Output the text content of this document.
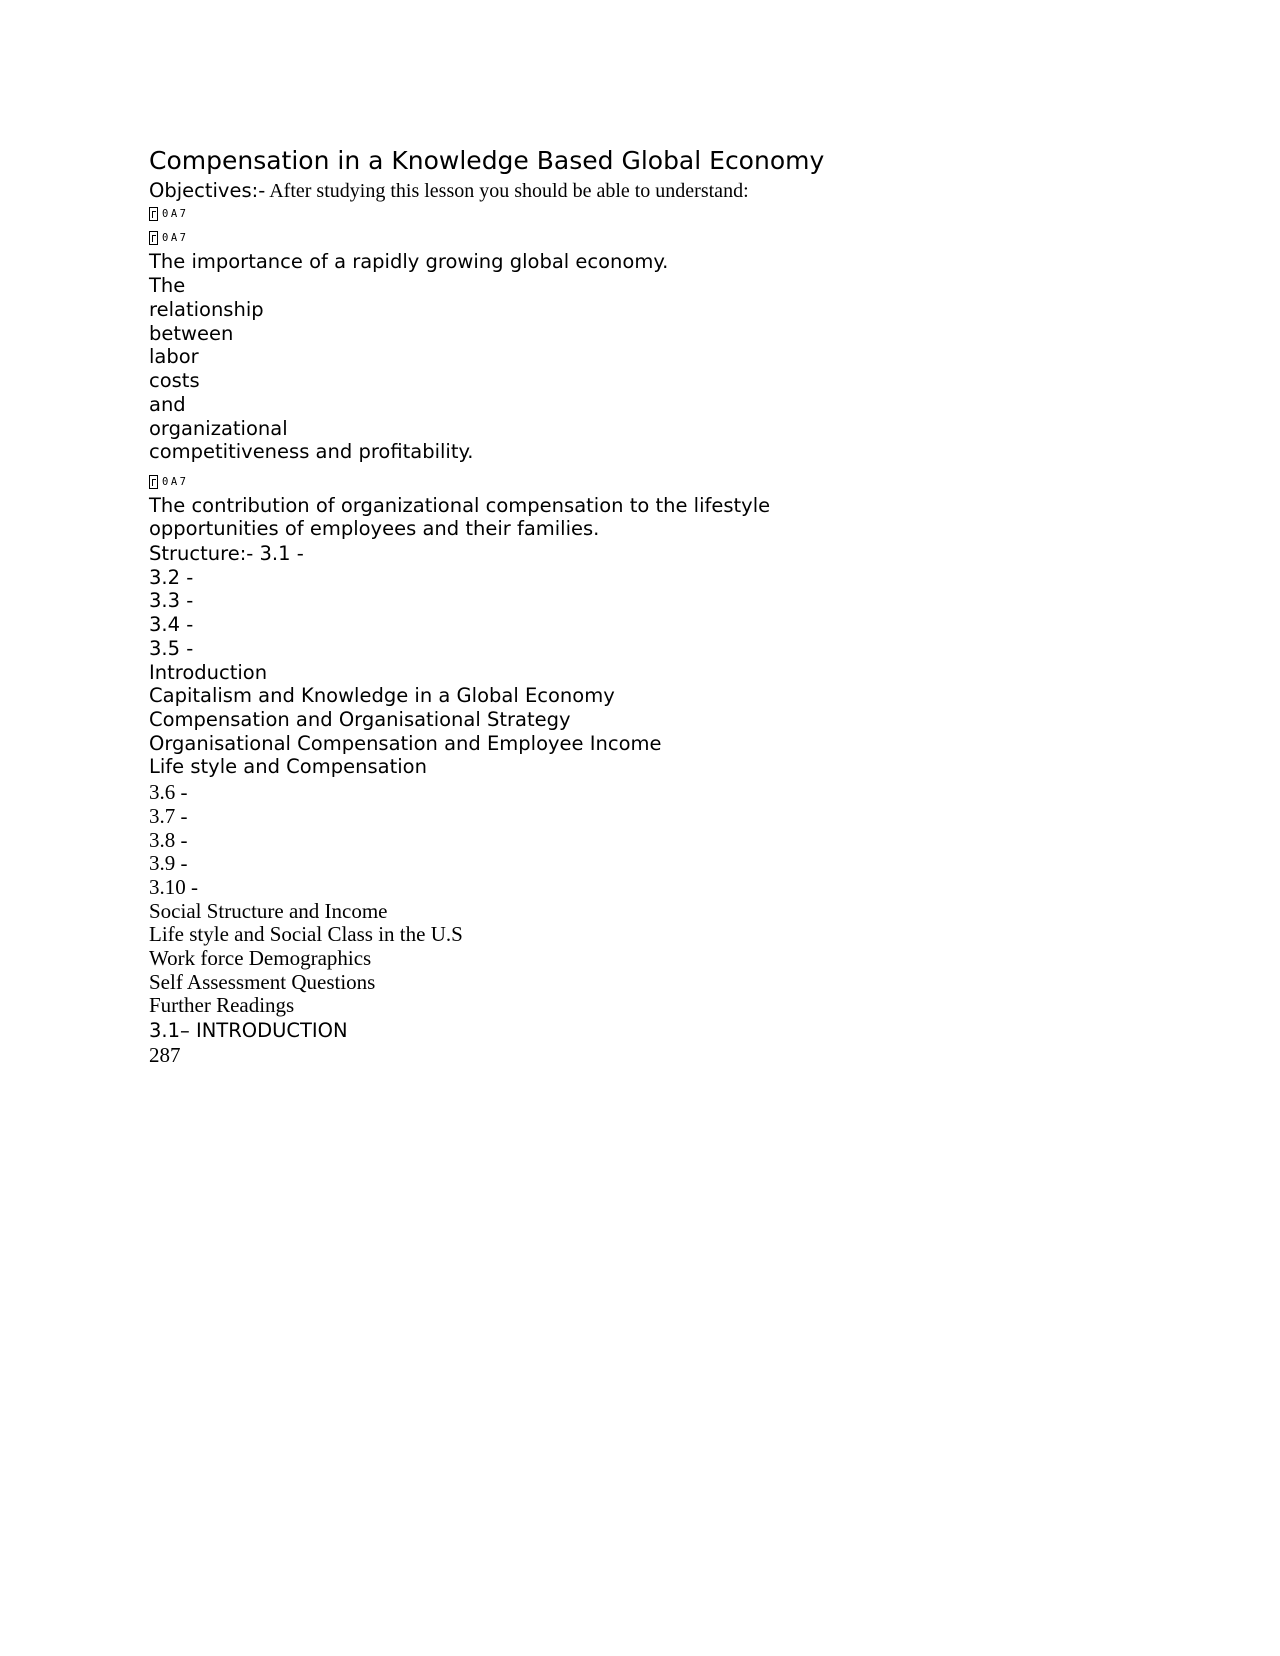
Compensation in a Knowledge Based Global Economy
Objectives:- After studying this lesson you should be able to understand:
0A7
0A7
The importance of a rapidly growing global economy.
The
relationship
between
labor
costs
and
organizational
competitiveness and profitability.
0A7
The contribution of organizational compensation to the lifestyle
opportunities of employees and their families.
Structure:- 3.1 -
3.2 -
3.3 -
3.4 -
3.5 -
Introduction
Capitalism and Knowledge in a Global Economy
Compensation and Organisational Strategy
Organisational Compensation and Employee Income
Life style and Compensation
3.6 -
3.7 -
3.8 -
3.9 -
3.10 -
Social Structure and Income
Life style and Social Class in the U.S
Work force Demographics
Self Assessment Questions
Further Readings
3.1– INTRODUCTION
287
